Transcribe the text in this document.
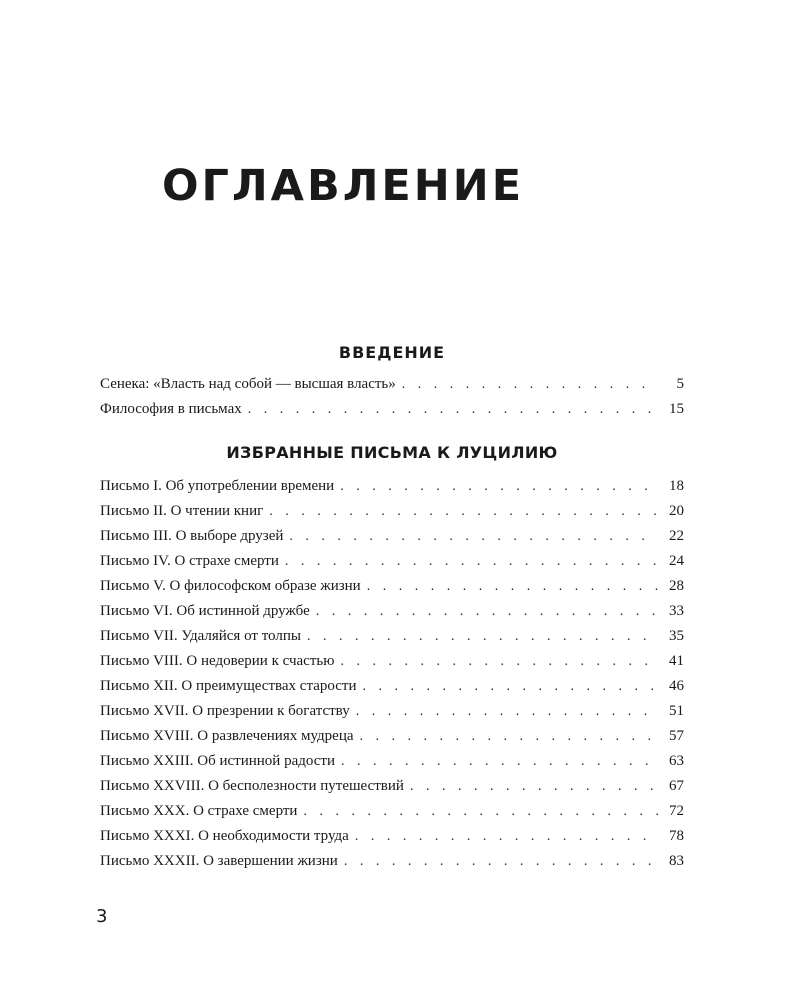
ОГЛАВЛЕНИЕ
ВВЕДЕНИЕ
Сенека: «Власть над собой — высшая власть» . . .	5
Философия в письмах . . .	15
ИЗБРАННЫЕ ПИСЬМА К ЛУЦИЛИЮ
Письмо I. Об употреблении времени . . .	18
Письмо II. О чтении книг . . .	20
Письмо III. О выборе друзей . . .	22
Письмо IV. О страхе смерти . . .	24
Письмо V. О философском образе жизни . . .	28
Письмо VI. Об истинной дружбе . . .	33
Письмо VII. Удаляйся от толпы . . .	35
Письмо VIII. О недоверии к счастью . . .	41
Письмо XII. О преимуществах старости . . .	46
Письмо XVII. О презрении к богатству . . .	51
Письмо XVIII. О развлечениях мудреца . . .	57
Письмо XXIII. Об истинной радости . . .	63
Письмо XXVIII. О бесполезности путешествий . . .	67
Письмо XXX. О страхе смерти . . .	72
Письмо XXXI. О необходимости труда . . .	78
Письмо XXXII. О завершении жизни . . .	83

3
